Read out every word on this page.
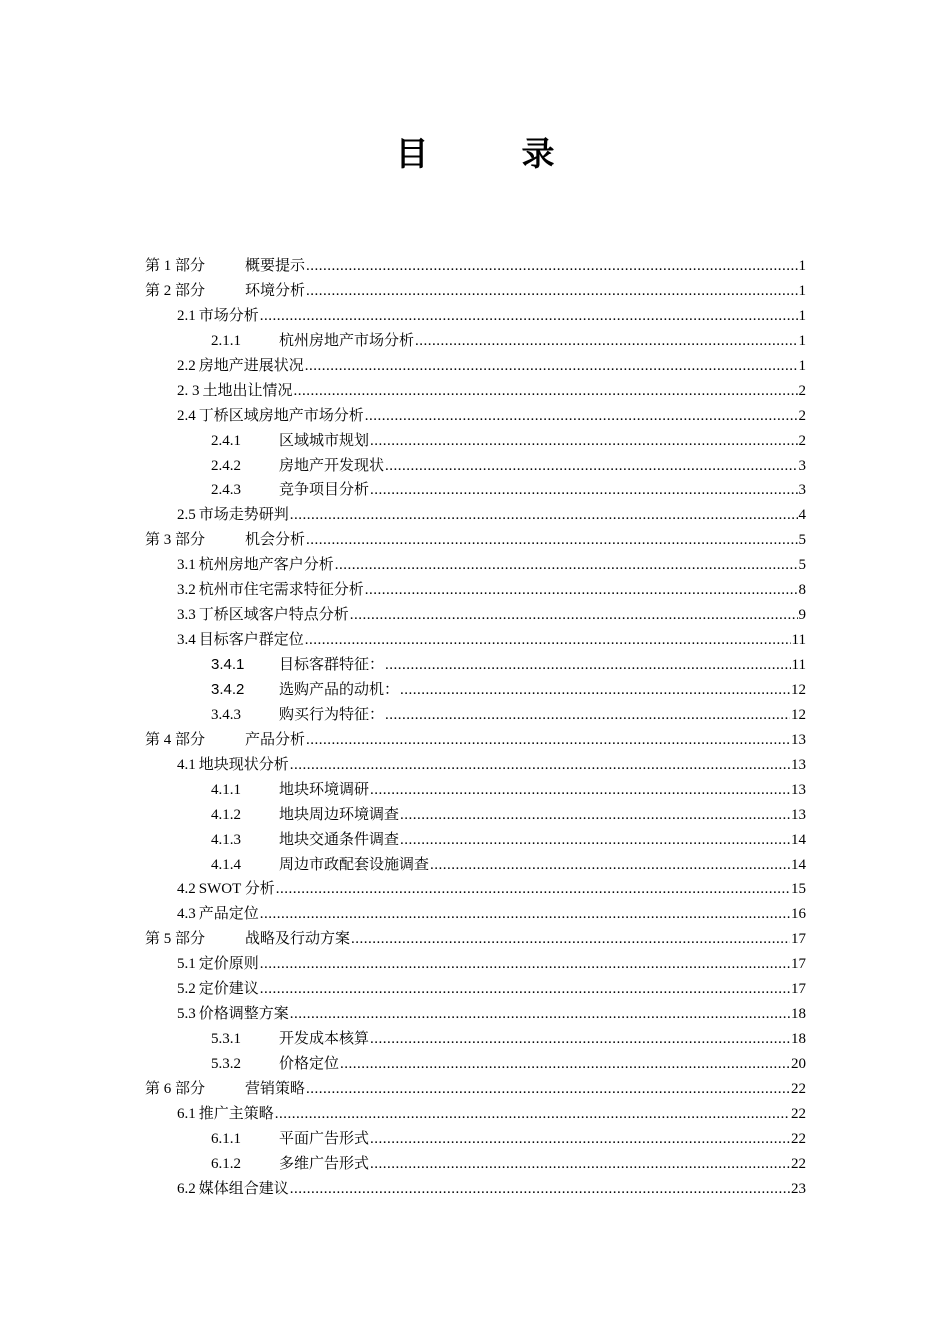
目　录
第 1 部分	概要提示 .....	1
第 2 部分	环境分析 .....	1
2.1 市场分析 .....	1
2.1.1	杭州房地产市场分析 .....	1
2.2 房地产进展状况 .....	1
2. 3 土地出让情况 .....	2
2.4 丁桥区域房地产市场分析 .....	2
2.4.1	区域城市规划 .....	2
2.4.2	房地产开发现状 .....	3
2.4.3	竞争项目分析 .....	3
2.5 市场走势研判 .....	4
第 3 部分	机会分析 .....	5
3.1 杭州房地产客户分析 .....	5
3.2 杭州市住宅需求特征分析 .....	8
3.3 丁桥区域客户特点分析 .....	9
3.4 目标客户群定位 .....	11
3.4.1	目标客群特征： .....	11
3.4.2	选购产品的动机： .....	12
3.4.3	购买行为特征： .....	12
第 4 部分	产品分析 .....	13
4.1 地块现状分析 .....	13
4.1.1	地块环境调研 .....	13
4.1.2	地块周边环境调查 .....	13
4.1.3	地块交通条件调查 .....	14
4.1.4	周边市政配套设施调查 .....	14
4.2 SWOT 分析 .....	15
4.3 产品定位 .....	16
第 5 部分	战略及行动方案 .....	17
5.1 定价原则 .....	17
5.2 定价建议 .....	17
5.3 价格调整方案 .....	18
5.3.1	开发成本核算 .....	18
5.3.2	价格定位 .....	20
第 6 部分	营销策略 .....	22
6.1 推广主策略 .....	22
6.1.1	平面广告形式 .....	22
6.1.2	多维广告形式 .....	22
6.2 媒体组合建议 .....	23
